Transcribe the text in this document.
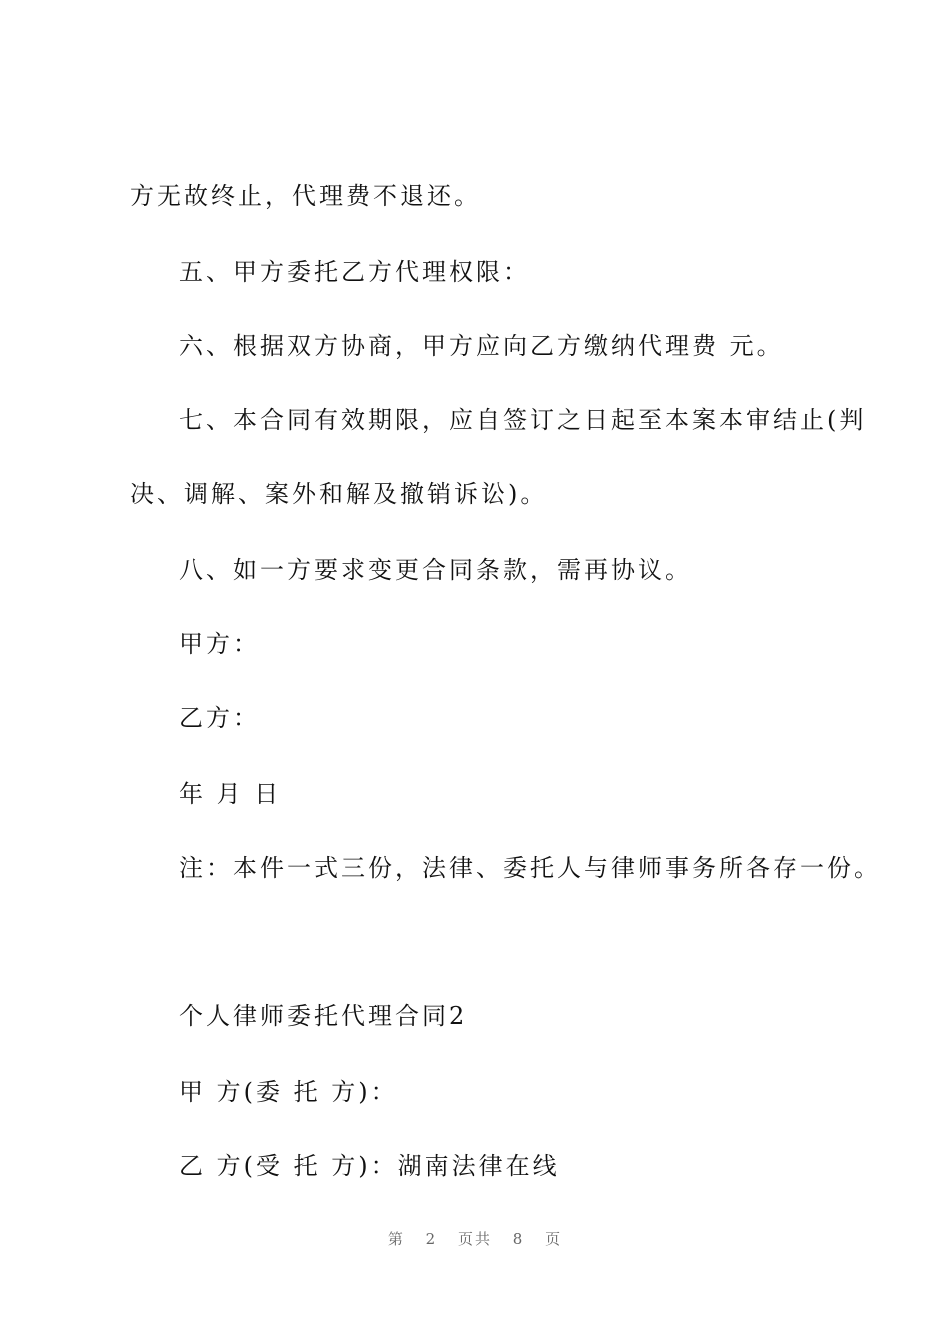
方无故终止，代理费不退还。
五、甲方委托乙方代理权限：
六、根据双方协商，甲方应向乙方缴纳代理费 元。
七、本合同有效期限，应自签订之日起至本案本审结止(判
决、调解、案外和解及撤销诉讼)。
八、如一方要求变更合同条款，需再协议。
甲方：
乙方：
年 月 日
注：本件一式三份，法律、委托人与律师事务所各存一份。
个人律师委托代理合同2
甲 方(委 托 方)：
乙 方(受 托 方)：湖南法律在线
第 2 页共 8 页
